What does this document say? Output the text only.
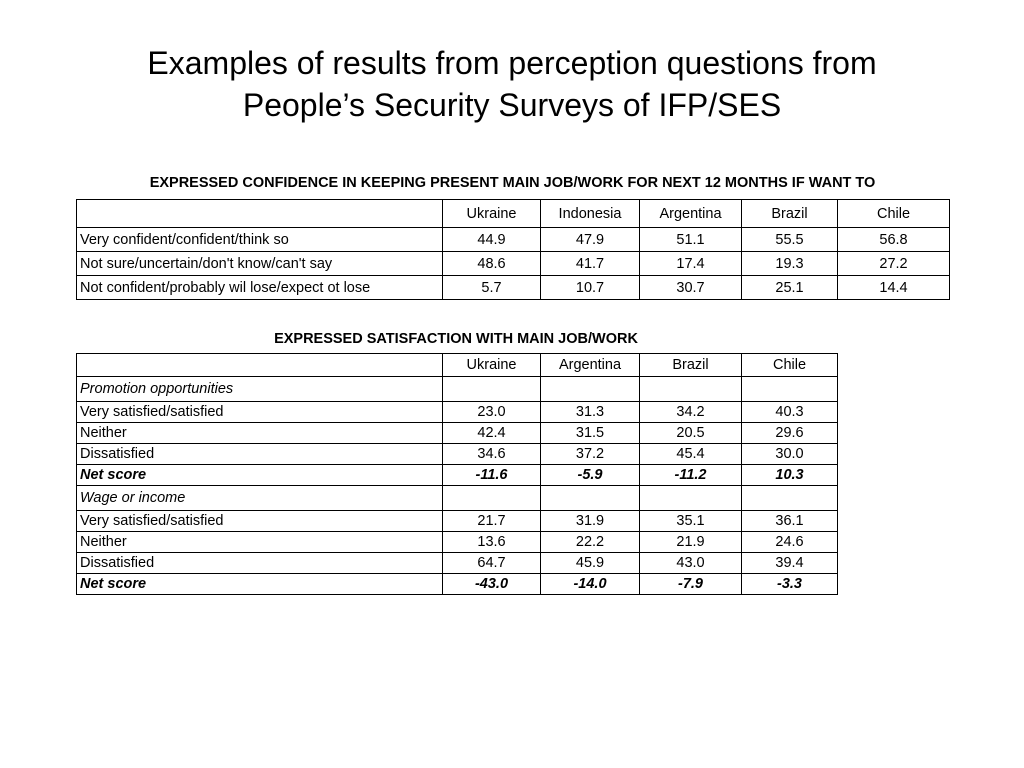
Examples of results from perception questions from
People’s Security Surveys of IFP/SES
EXPRESSED CONFIDENCE IN KEEPING PRESENT MAIN JOB/WORK FOR NEXT 12 MONTHS IF WANT TO
	Ukraine	Indonesia	Argentina	Brazil	Chile
Very confident/confident/think so	44.9	47.9	51.1	55.5	56.8
Not sure/uncertain/don't know/can't say	48.6	41.7	17.4	19.3	27.2
Not confident/probably wil lose/expect ot lose	5.7	10.7	30.7	25.1	14.4
EXPRESSED SATISFACTION WITH MAIN JOB/WORK
	Ukraine	Argentina	Brazil	Chile
Promotion opportunities				
Very satisfied/satisfied	23.0	31.3	34.2	40.3
Neither	42.4	31.5	20.5	29.6
Dissatisfied	34.6	37.2	45.4	30.0
Net score	-11.6	-5.9	-11.2	10.3
Wage or income				
Very satisfied/satisfied	21.7	31.9	35.1	36.1
Neither	13.6	22.2	21.9	24.6
Dissatisfied	64.7	45.9	43.0	39.4
Net score	-43.0	-14.0	-7.9	-3.3
